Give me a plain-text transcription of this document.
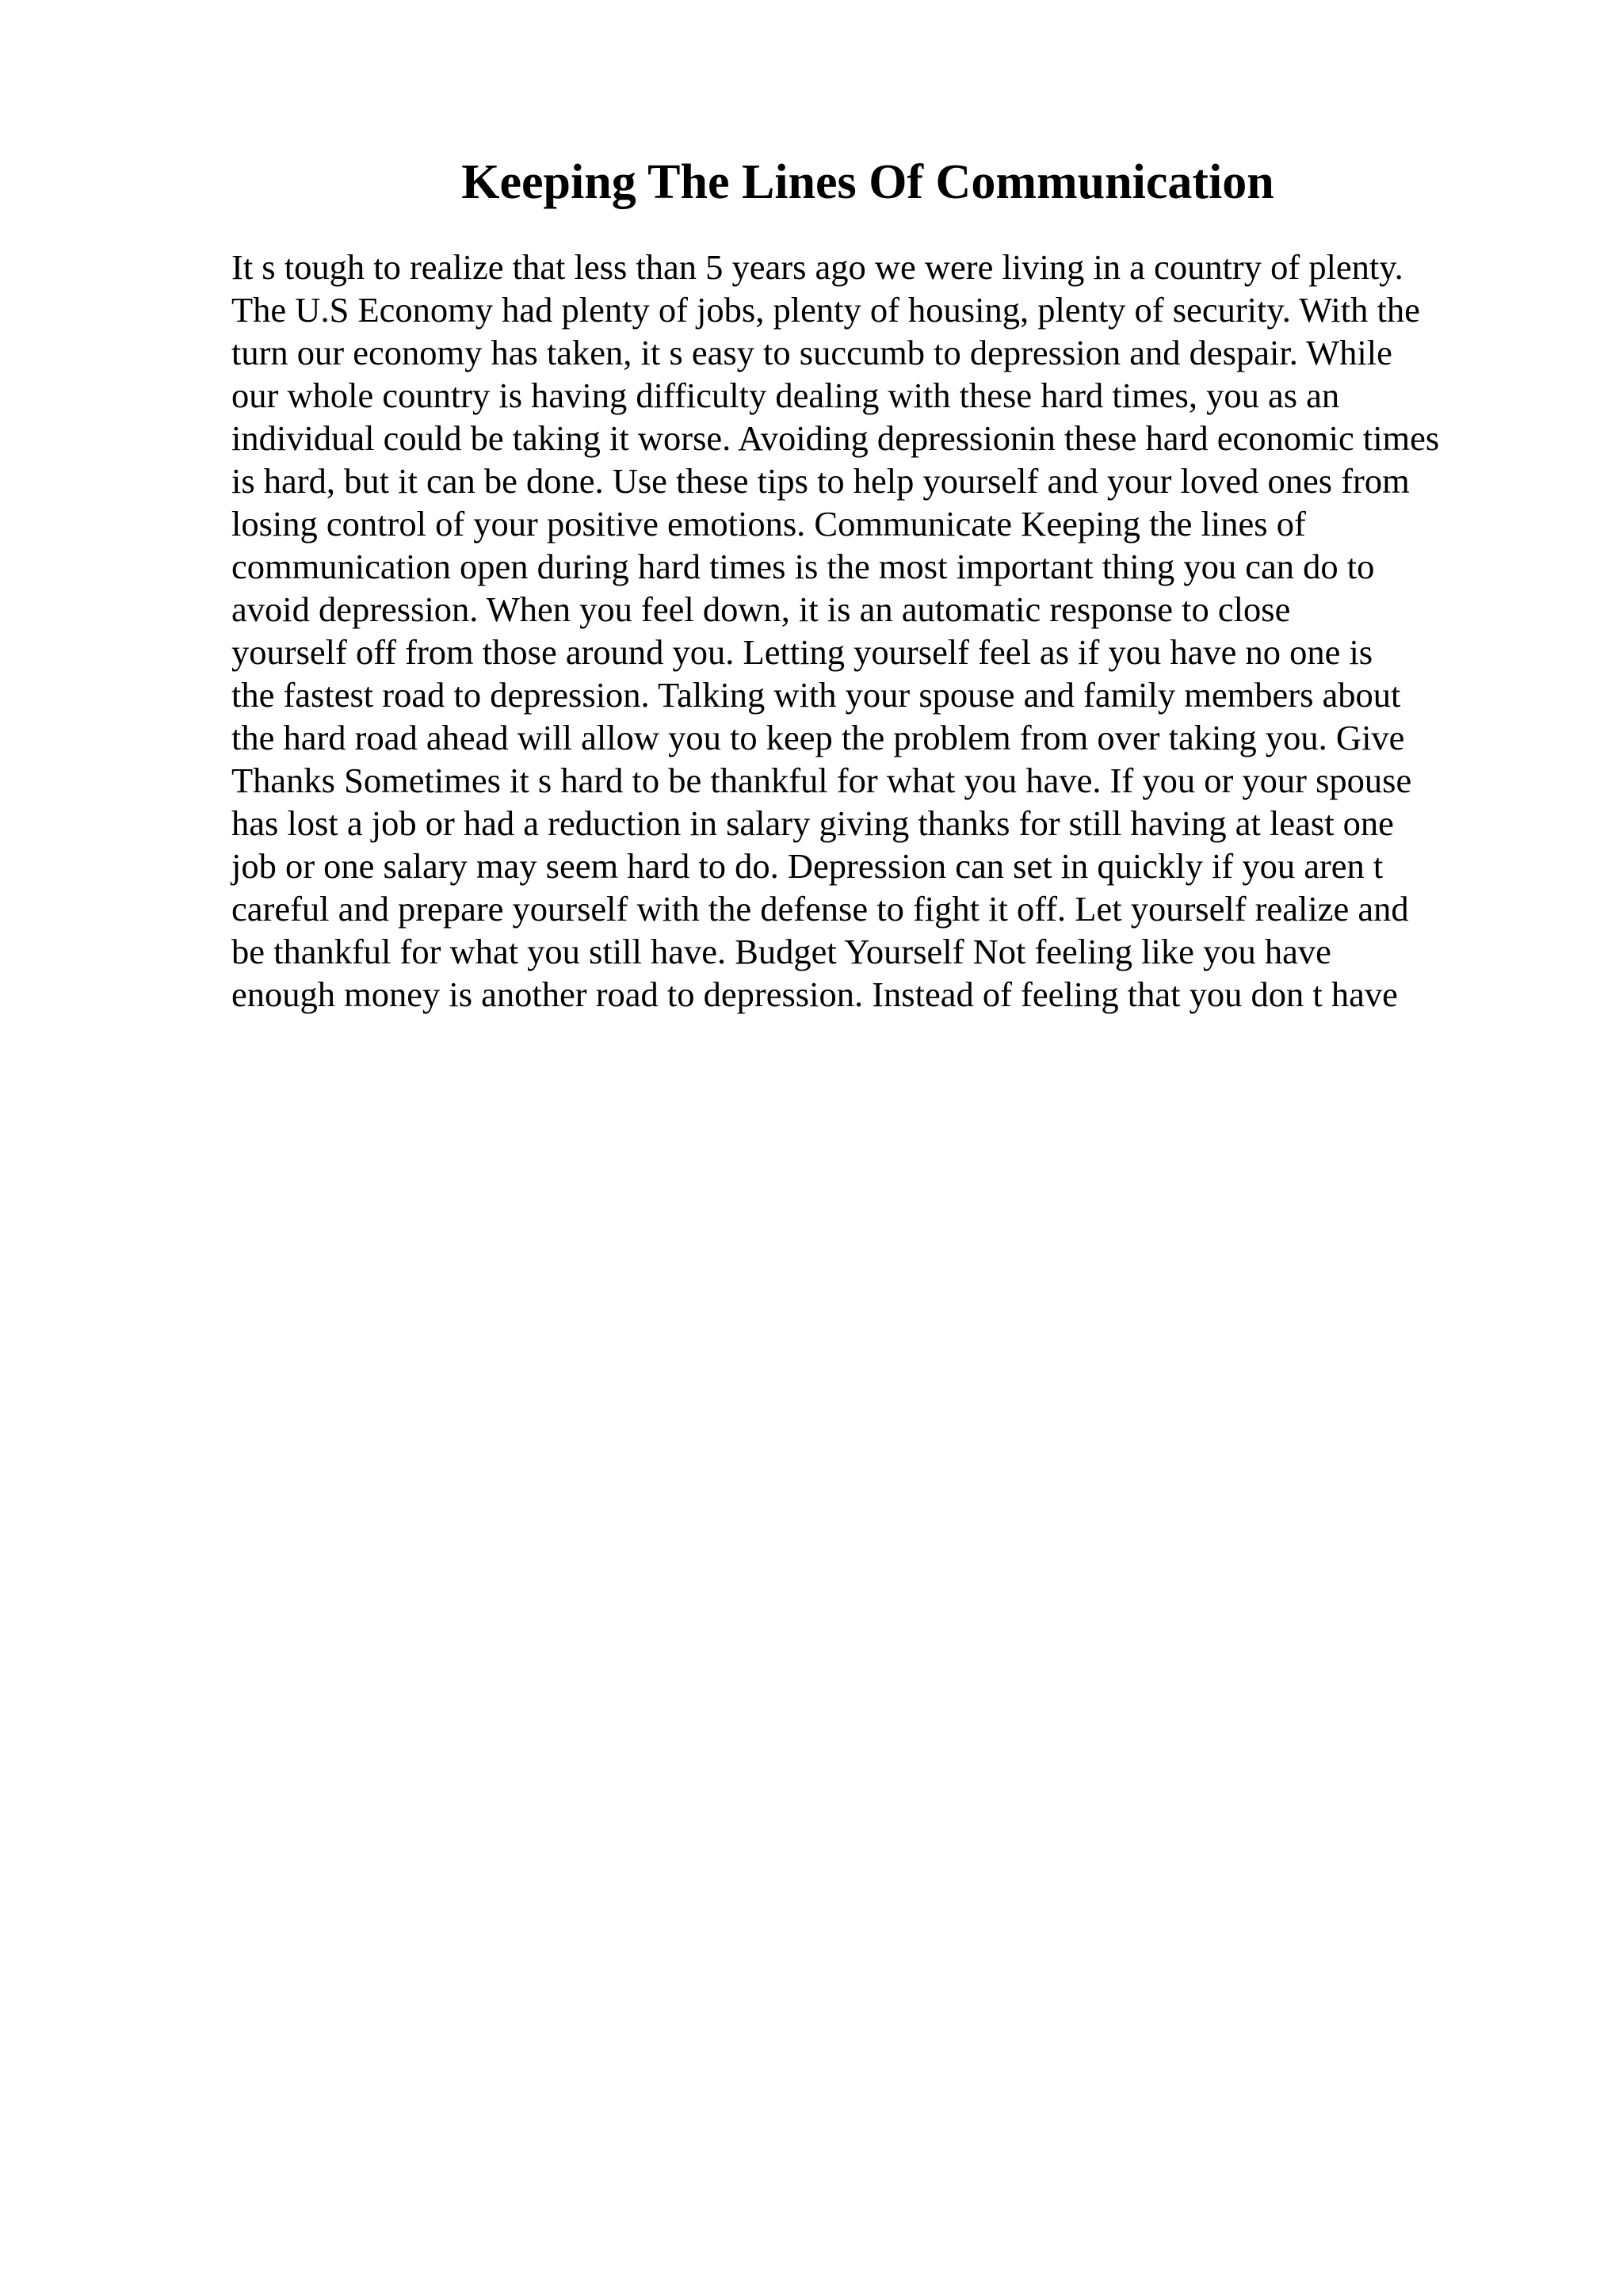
Keeping The Lines Of Communication
It s tough to realize that less than 5 years ago we were living in a country of plenty.
The U.S Economy had plenty of jobs, plenty of housing, plenty of security. With the
turn our economy has taken, it s easy to succumb to depression and despair. While
our whole country is having difficulty dealing with these hard times, you as an
individual could be taking it worse. Avoiding depressionin these hard economic times
is hard, but it can be done. Use these tips to help yourself and your loved ones from
losing control of your positive emotions. Communicate Keeping the lines of
communication open during hard times is the most important thing you can do to
avoid depression. When you feel down, it is an automatic response to close
yourself off from those around you. Letting yourself feel as if you have no one is
the fastest road to depression. Talking with your spouse and family members about
the hard road ahead will allow you to keep the problem from over taking you. Give
Thanks Sometimes it s hard to be thankful for what you have. If you or your spouse
has lost a job or had a reduction in salary giving thanks for still having at least one
job or one salary may seem hard to do. Depression can set in quickly if you aren t
careful and prepare yourself with the defense to fight it off. Let yourself realize and
be thankful for what you still have. Budget Yourself Not feeling like you have
enough money is another road to depression. Instead of feeling that you don t have
